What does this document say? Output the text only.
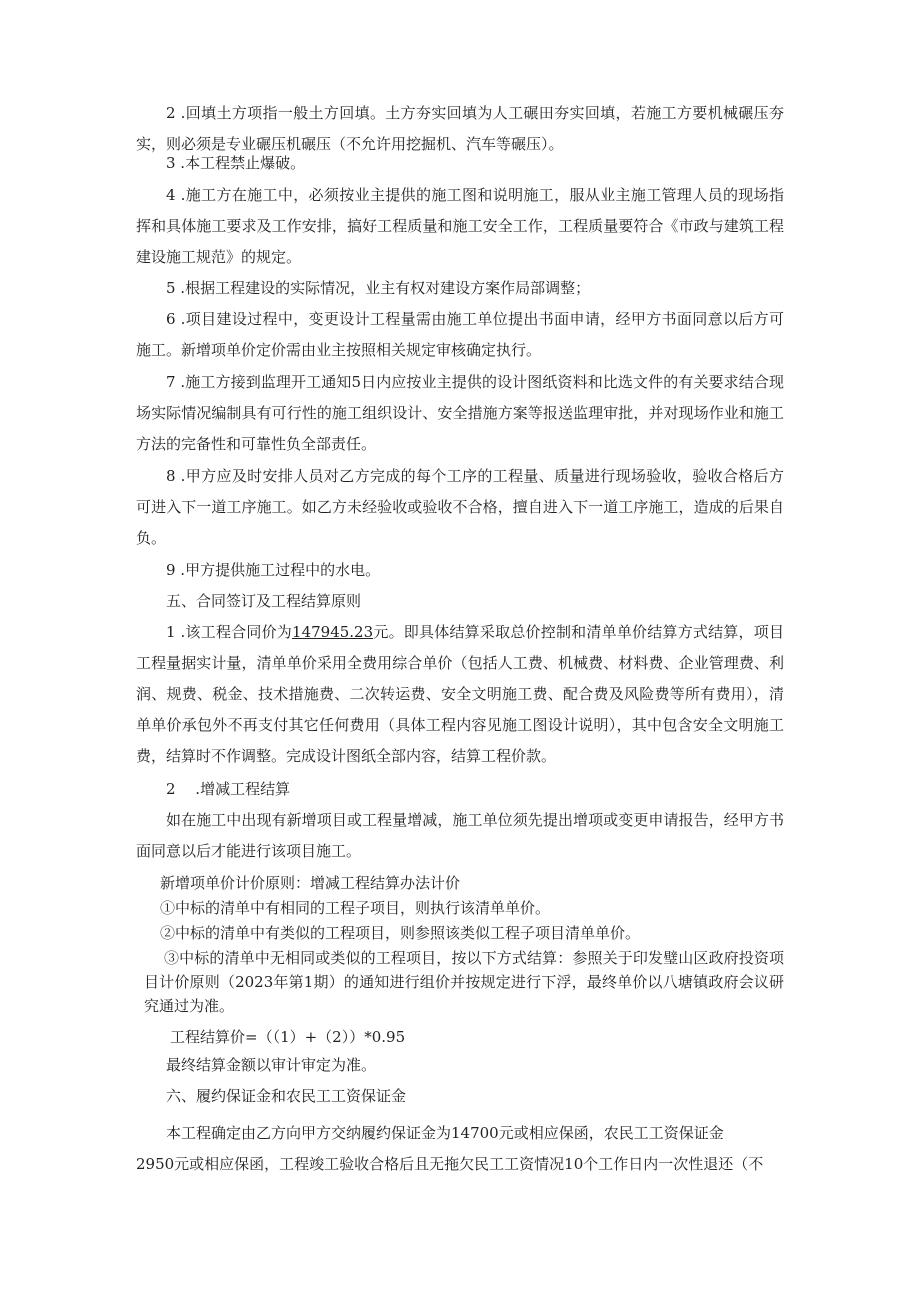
2 .回填土方项指一般土方回填。土方夯实回填为人工碾田夯实回填，若施工方要机械碾压夯实，则必须是专业碾压机碾压（不允许用挖掘机、汽车等碾压）。

3 .本工程禁止爆破。

4 .施工方在施工中，必须按业主提供的施工图和说明施工，服从业主施工管理人员的现场指挥和具体施工要求及工作安排，搞好工程质量和施工安全工作，工程质量要符合《市政与建筑工程建设施工规范》的规定。

5 .根据工程建设的实际情况，业主有权对建设方案作局部调整；

6 .项目建设过程中，变更设计工程量需由施工单位提出书面申请，经甲方书面同意以后方可施工。新增项单价定价需由业主按照相关规定审核确定执行。

7 .施工方接到监理开工通知5日内应按业主提供的设计图纸资料和比选文件的有关要求结合现场实际情况编制具有可行性的施工组织设计、安全措施方案等报送监理审批，并对现场作业和施工方法的完备性和可靠性负全部责任。

8 .甲方应及时安排人员对乙方完成的每个工序的工程量、质量进行现场验收，验收合格后方可进入下一道工序施工。如乙方未经验收或验收不合格，擅自进入下一道工序施工，造成的后果自负。

9 .甲方提供施工过程中的水电。

五、合同签订及工程结算原则

1 .该工程合同价为147945.23元。即具体结算采取总价控制和清单单价结算方式结算，项目工程量据实计量，清单单价采用全费用综合单价（包括人工费、机械费、材料费、企业管理费、利润、规费、税金、技术措施费、二次转运费、安全文明施工费、配合费及风险费等所有费用），清单单价承包外不再支付其它任何费用（具体工程内容见施工图设计说明），其中包含安全文明施工费，结算时不作调整。完成设计图纸全部内容，结算工程价款。

2　 .增减工程结算

如在施工中出现有新增项目或工程量增减，施工单位须先提出增项或变更申请报告，经甲方书面同意以后才能进行该项目施工。

新增项单价计价原则：增减工程结算办法计价

①中标的清单中有相同的工程子项目，则执行该清单单价。

②中标的清单中有类似的工程项目，则参照该类似工程子项目清单单价。

③中标的清单中无相同或类似的工程项目，按以下方式结算：参照关于印发璧山区政府投资项目计价原则（2023年第1期）的通知进行组价并按规定进行下浮，最终单价以八塘镇政府会议研究通过为准。

工程结算价=（（1）+（2））*0.95

最终结算金额以审计审定为准。

六、履约保证金和农民工工资保证金

本工程确定由乙方向甲方交纳履约保证金为14700元或相应保函，农民工工资保证金

2950元或相应保函，工程竣工验收合格后且无拖欠民工工资情况10个工作日内一次性退还（不
